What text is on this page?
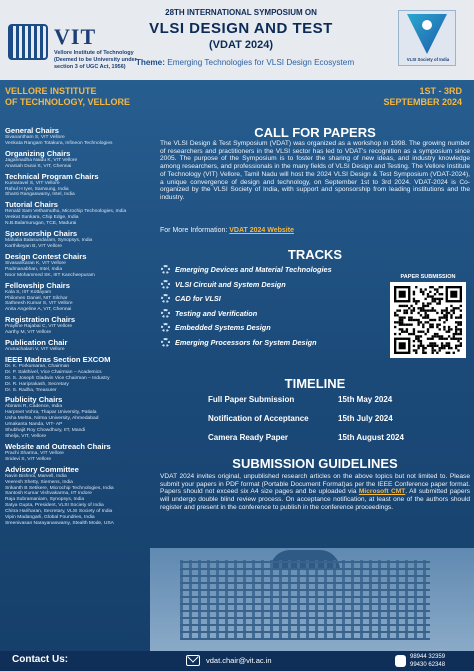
VIT
Vellore Institute of Technology (Deemed to be University under section 3 of UGC Act, 1956)
28TH INTERNATIONAL SYMPOSIUM ON
VLSI DESIGN AND TEST
(VDAT 2024)
Theme: Emerging Technologies for VLSI Design Ecosystem	VLSI Society of India
VELLORE INSTITUTE
OF TECHNOLOGY, VELLORE
1ST - 3RD
SEPTEMBER 2024
General Chairs
Sivanantham S, VIT Vellore
Venkata Rangam Totakura, Infineon Technologies
Organizing Chairs
Jagannadha Naidu K, VIT Vellore
Ananiah Durai S, VIT, Chennai
Technical Program Chairs
Kumaravel S, VIT Vellore
Rahul H Iyer, Samsung, India
Shanti Rangaswamy, Intel, India
Tutorial Chairs
Renald Sam Vethamuthu, Microchip Technologies, India
Venkat Sunkara, Chip Edge, India
N.B.Balamurugan, TCE, Madurai
Sponsorship Chairs
Mahalia Balasundaram, Synopsys, India
Karthikeyan B, VIT Vellore
Design Contest Chairs
Sivasankaran K, VIT Vellore
Padmanabhan, Intel, India
Noor Mohammed SK, IIIT Kancheepuram
Fellowship Chairs
Kala S, IIIT Kottayam
Philomen Daniel, NIT Silchar
Satheesh Kumar S, VIT Vellore
Anita Angeline A, VIT, Chennai
Registration Chairs
Prayline Rajabai C, VIT Vellore
Aarthy M, VIT Vellore
Publication Chair
Arunachalam V, VIT Vellore
IEEE Madras Section EXCOM
Dr. K. Porkumaran, Chairman
Dr. P. Sakthivel, Vice Chairman – Academics
Dr. S. Joseph Gladwin Vice Chairman – Industry
Dr. R. Hariprakash, Secretary
Dr. S. Radha, Treasurer
Publicity Chairs
Abirami R, Cadence, India
Harpreet Vohra, Thapar University, Patiala
Usha Mehta, Nirma University, Ahmedabad
Umakanta Nanda, VIT- AP
Shubhajit Roy Chowdhury, IIT, Mandi
Shelja, VIT, Vellore
Website and Outreach Chairs
Prachi Sharma, VIT Vellore
Sridevi S, VIT Vellore
Advisory Committee
Navin Bishnoi, Marvell, India
Veeresh Shetty, Siemens, India
Srikanth B Setikere, Microchip Technologies, India
Santosh Kumar Vishvakarma, IIT Indore
Raja Subramaniam, Synopsys, India
Satya Gupta, President, VLSI Society of India
Chitra Hariharan, Secretary, VLSI Society of India
Vipin Madangarli, Global Foundries, India
Sreenivasan Narayanaswamy, Stealth Mode, USA
CALL FOR PAPERS
The VLSI Design & Test Symposium (VDAT) was organized as a workshop in 1998. The growing number of researchers and practitioners in the VLSI sector has led to VDAT's recognition as a symposium since 2005. The purpose of the Symposium is to foster the sharing of new ideas, and industry knowledge among researchers, and professionals in the many fields of VLSI Design and Testing. The Vellore Institute of Technology (VIT) Vellore, Tamil Nadu will host the 2024 VLSI Design & Test Symposium (VDAT-2024), a unique convergence of design and technology, on September 1st to 3rd 2024. VDAT-2024 is Co-organized by the VLSI Society of India, with support and sponsorship from leading institutions and the industry.
For More Information: VDAT 2024 Website
TRACKS
Emerging Devices and Material Technologies
VLSI Circuit and System Design
CAD for VLSI
Testing and Verification
Embedded Systems Design
Emerging Processors for System Design
PAPER SUBMISSION
TIMELINE
Full Paper Submission	15th May 2024
Notification of Acceptance	15th July 2024
Camera Ready Paper	15th August 2024
SUBMISSION GUIDELINES
VDAT 2024 invites original, unpublished research articles on the above topics but not limited to. Please submit your papers in PDF format (Portable Document Format)as per the IEEE Conference paper format. Papers should not exceed six A4 size pages and be uploaded via Microsoft CMT. All submitted papers will undergo double blind review process. On acceptance notification, at least one of the authors should register and present in the conference to publish in the conference proceedings.
Contact Us:	vdat.chair@vit.ac.in	98944 32359
99430 62348
